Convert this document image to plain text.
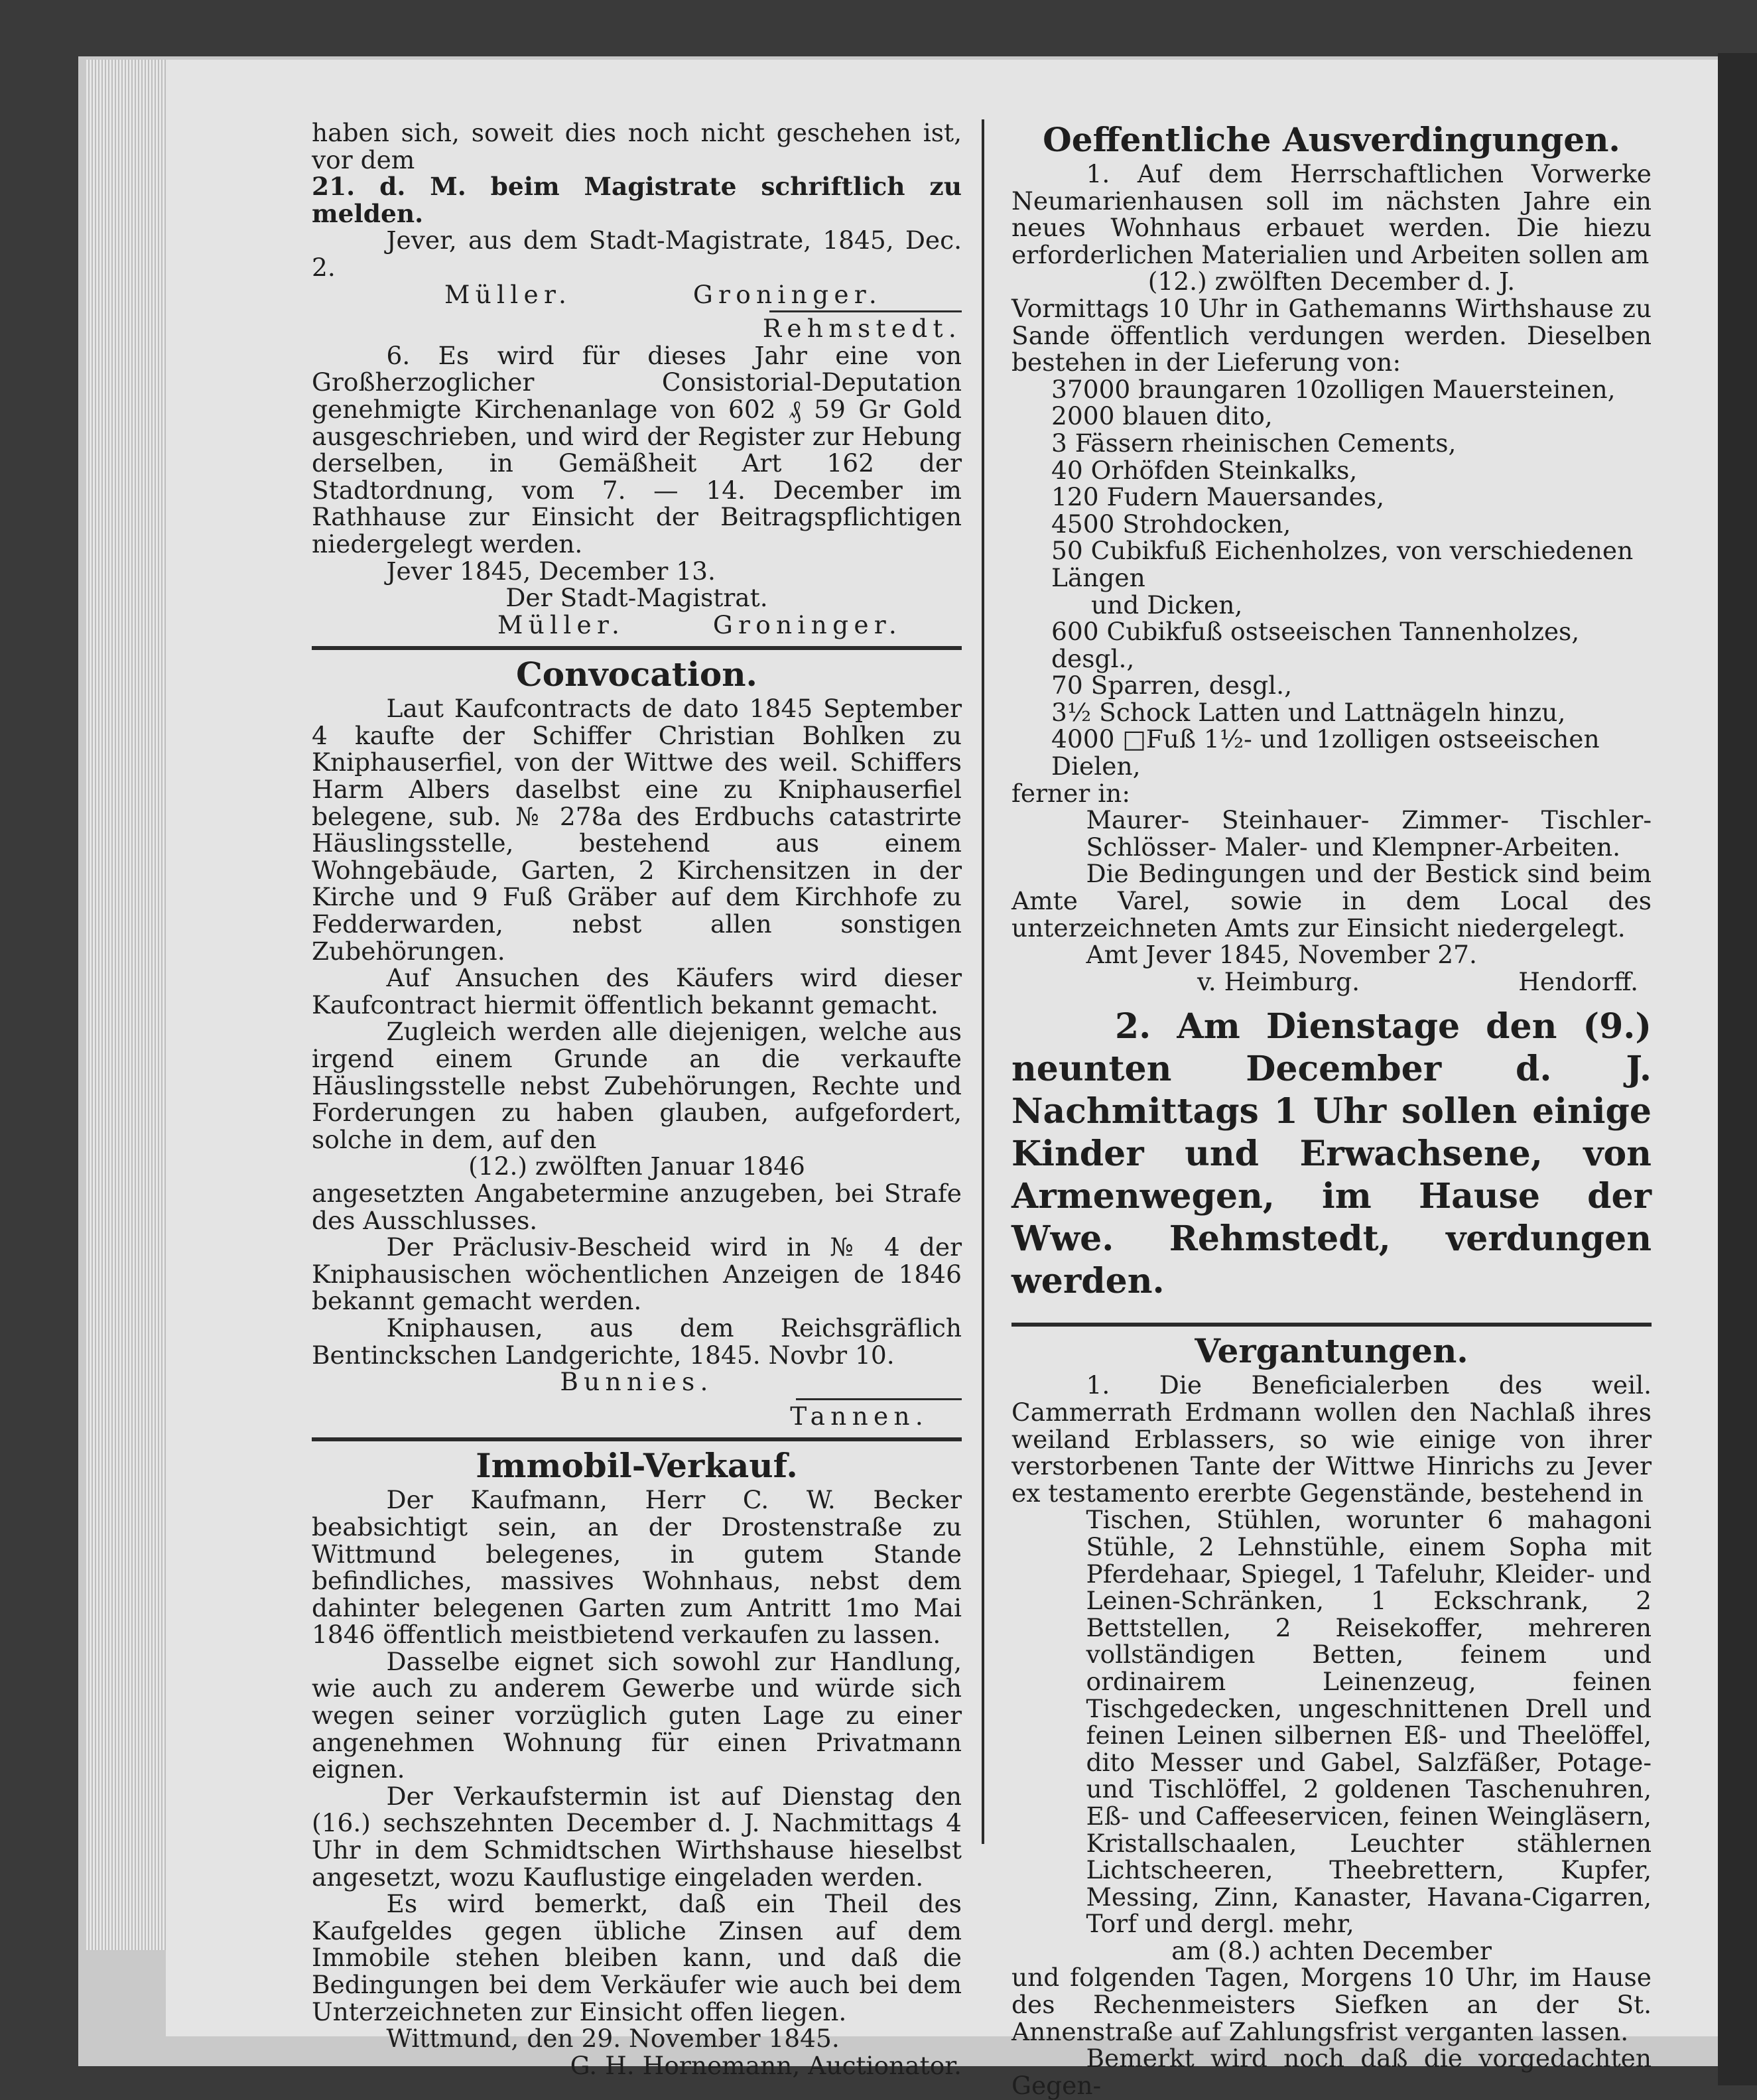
haben sich, soweit dies noch nicht geschehen ist, vor dem

21. d. M. beim Magistrate schriftlich zu melden.

Jever, aus dem Stadt-Magistrate, 1845, Dec. 2.

Müller.	Groninger.

Rehmstedt.

6. Es wird für dieses Jahr eine von Großherzoglicher Consistorial-Deputation genehmigte Kirchenanlage von 602 ₰ 59 Gr Gold ausgeschrieben, und wird der Register zur Hebung derselben, in Gemäßheit Art 162 der Stadtordnung, vom 7. — 14. December im Rathhause zur Einsicht der Beitragspflichtigen niedergelegt werden.

Jever 1845, December 13.

Der Stadt-Magistrat.

Müller.	Groninger.
Convocation.

Laut Kaufcontracts de dato 1845 September 4 kaufte der Schiffer Christian Bohlken zu Kniphauserfiel, von der Wittwe des weil. Schiffers Harm Albers daselbst eine zu Kniphauserfiel belegene, sub. № 278a des Erdbuchs catastrirte Häuslingsstelle, bestehend aus einem Wohngebäude, Garten, 2 Kirchensitzen in der Kirche und 9 Fuß Gräber auf dem Kirchhofe zu Fedderwarden, nebst allen sonstigen Zubehörungen.

Auf Ansuchen des Käufers wird dieser Kaufcontract hiermit öffentlich bekannt gemacht.

Zugleich werden alle diejenigen, welche aus irgend einem Grunde an die verkaufte Häuslingsstelle nebst Zubehörungen, Rechte und Forderungen zu haben glauben, aufgefordert, solche in dem, auf den

(12.) zwölften Januar 1846

angesetzten Angabetermine anzugeben, bei Strafe des Ausschlusses.

Der Präclusiv-Bescheid wird in № 4 der Kniphausischen wöchentlichen Anzeigen de 1846 bekannt gemacht werden.

Kniphausen, aus dem Reichsgräflich Bentinckschen Landgerichte, 1845. Novbr 10.

Bunnies.

Tannen.

Immobil-Verkauf.

Der Kaufmann, Herr C. W. Becker beabsichtigt sein, an der Drostenstraße zu Wittmund belegenes, in gutem Stande befindliches, massives Wohnhaus, nebst dem dahinter belegenen Garten zum Antritt 1mo Mai 1846 öffentlich meistbietend verkaufen zu lassen.

Dasselbe eignet sich sowohl zur Handlung, wie auch zu anderem Gewerbe und würde sich wegen seiner vorzüglich guten Lage zu einer angenehmen Wohnung für einen Privatmann eignen.

Der Verkaufstermin ist auf Dienstag den (16.) sechszehnten December d. J. Nachmittags 4 Uhr in dem Schmidtschen Wirthshause hieselbst angesetzt, wozu Kauflustige eingeladen werden.

Es wird bemerkt, daß ein Theil des Kaufgeldes gegen übliche Zinsen auf dem Immobile stehen bleiben kann, und daß die Bedingungen bei dem Verkäufer wie auch bei dem Unterzeichneten zur Einsicht offen liegen.

Wittmund, den 29. November 1845.

G. H. Hornemann, Auctionator.

Oeffentliche Ausverdingungen.

1. Auf dem Herrschaftlichen Vorwerke Neumarienhausen soll im nächsten Jahre ein neues Wohnhaus erbauet werden. Die hiezu erforderlichen Materialien und Arbeiten sollen am

(12.) zwölften December d. J.

Vormittags 10 Uhr in Gathemanns Wirthshause zu Sande öffentlich verdungen werden. Dieselben bestehen in der Lieferung von:

37000 braungaren 10zolligen Mauersteinen,

2000 blauen dito,

3 Fässern rheinischen Cements,

40 Orhöfden Steinkalks,

120 Fudern Mauersandes,

4500 Strohdocken,

50 Cubikfuß Eichenholzes, von verschiedenen Längen

und Dicken,

600 Cubikfuß ostseeischen Tannenholzes, desgl.,

70 Sparren, desgl.,

3½ Schock Latten und Lattnägeln hinzu,

4000 □Fuß 1½- und 1zolligen ostseeischen Dielen,

ferner in:

Maurer- Steinhauer- Zimmer- Tischler- Schlösser- Maler- und Klempner-Arbeiten.

Die Bedingungen und der Bestick sind beim Amte Varel, sowie in dem Local des unterzeichneten Amts zur Einsicht niedergelegt.

Amt Jever 1845, November 27.

v. Heimburg.	Hendorff.

2. Am Dienstage den (9.) neunten December d. J. Nachmittags 1 Uhr sollen einige Kinder und Erwachsene, von Armenwegen, im Hause der Wwe. Rehmstedt, verdungen werden.

Vergantungen.

1. Die Beneficialerben des weil. Cammerrath Erdmann wollen den Nachlaß ihres weiland Erblassers, so wie einige von ihrer verstorbenen Tante der Wittwe Hinrichs zu Jever ex testamento ererbte Gegenstände, bestehend in

Tischen, Stühlen, worunter 6 mahagoni Stühle, 2 Lehnstühle, einem Sopha mit Pferdehaar, Spiegel, 1 Tafeluhr, Kleider- und Leinen-Schränken, 1 Eckschrank, 2 Bettstellen, 2 Reisekoffer, mehreren vollständigen Betten, feinem und ordinairem Leinenzeug, feinen Tischgedecken, ungeschnittenen Drell und feinen Leinen silbernen Eß- und Theelöffel, dito Messer und Gabel, Salzfäßer, Potage- und Tischlöffel, 2 goldenen Taschenuhren, Eß- und Caffeeservicen, feinen Weingläsern, Kristallschaalen, Leuchter stählernen Lichtscheeren, Theebrettern, Kupfer, Messing, Zinn, Kanaster, Havana-Cigarren, Torf und dergl. mehr,

am (8.) achten December

und folgenden Tagen, Morgens 10 Uhr, im Hause des Rechenmeisters Siefken an der St. Annenstraße auf Zahlungsfrist verganten lassen.

Bemerkt wird noch daß die vorgedachten Gegen-
